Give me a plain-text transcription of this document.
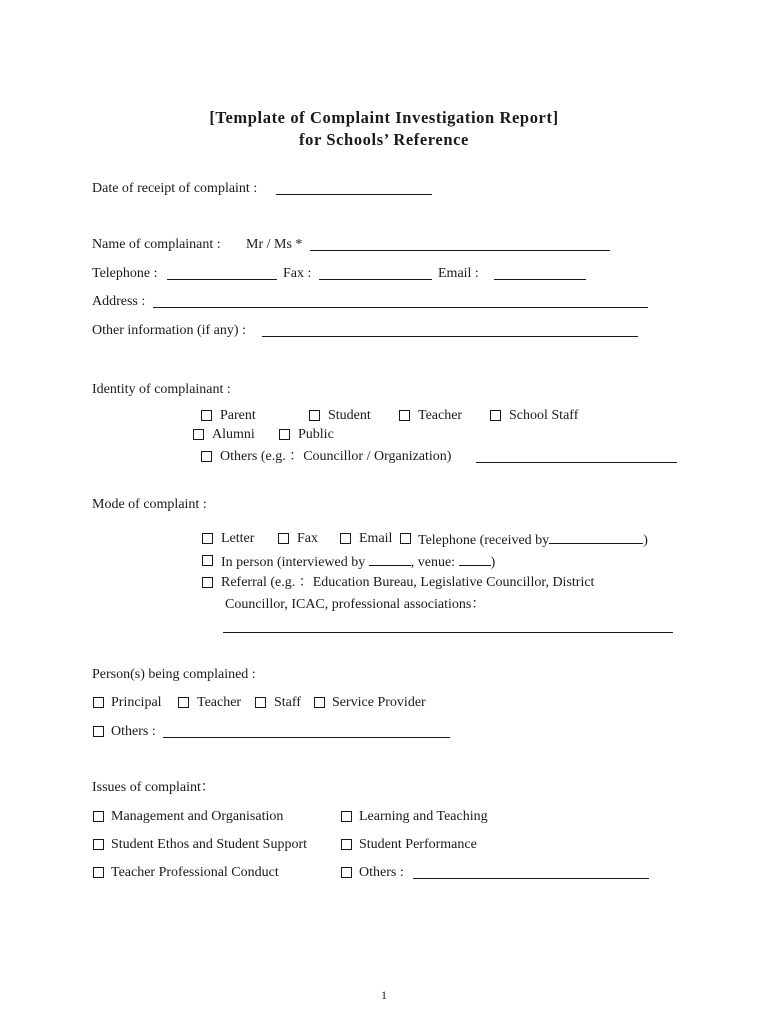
[Template of Complaint Investigation Report]
for Schools’ Reference
Date of receipt of complaint :
Name of complainant : Mr / Ms *
Telephone :	Fax :	Email :
Address :
Other information (if any) :
Identity of complainant :
Parent	Student	Teacher	School Staff
Alumni	Public
Others (e.g. ：Councillor / Organization)
Mode of complaint :
Letter	Fax	Email Telephone (received by	)
In person (interviewed by	, venue:	)
Referral (e.g. ：Education Bureau, Legislative Councillor, District
Councillor, ICAC, professional associations：
Person(s) being complained :
Principal	Teacher Staff Service Provider
Others :
Issues of complaint：
Management and Organisation	Learning and Teaching
Student Ethos and Student Support	Student Performance
Teacher Professional Conduct	Others :
1
